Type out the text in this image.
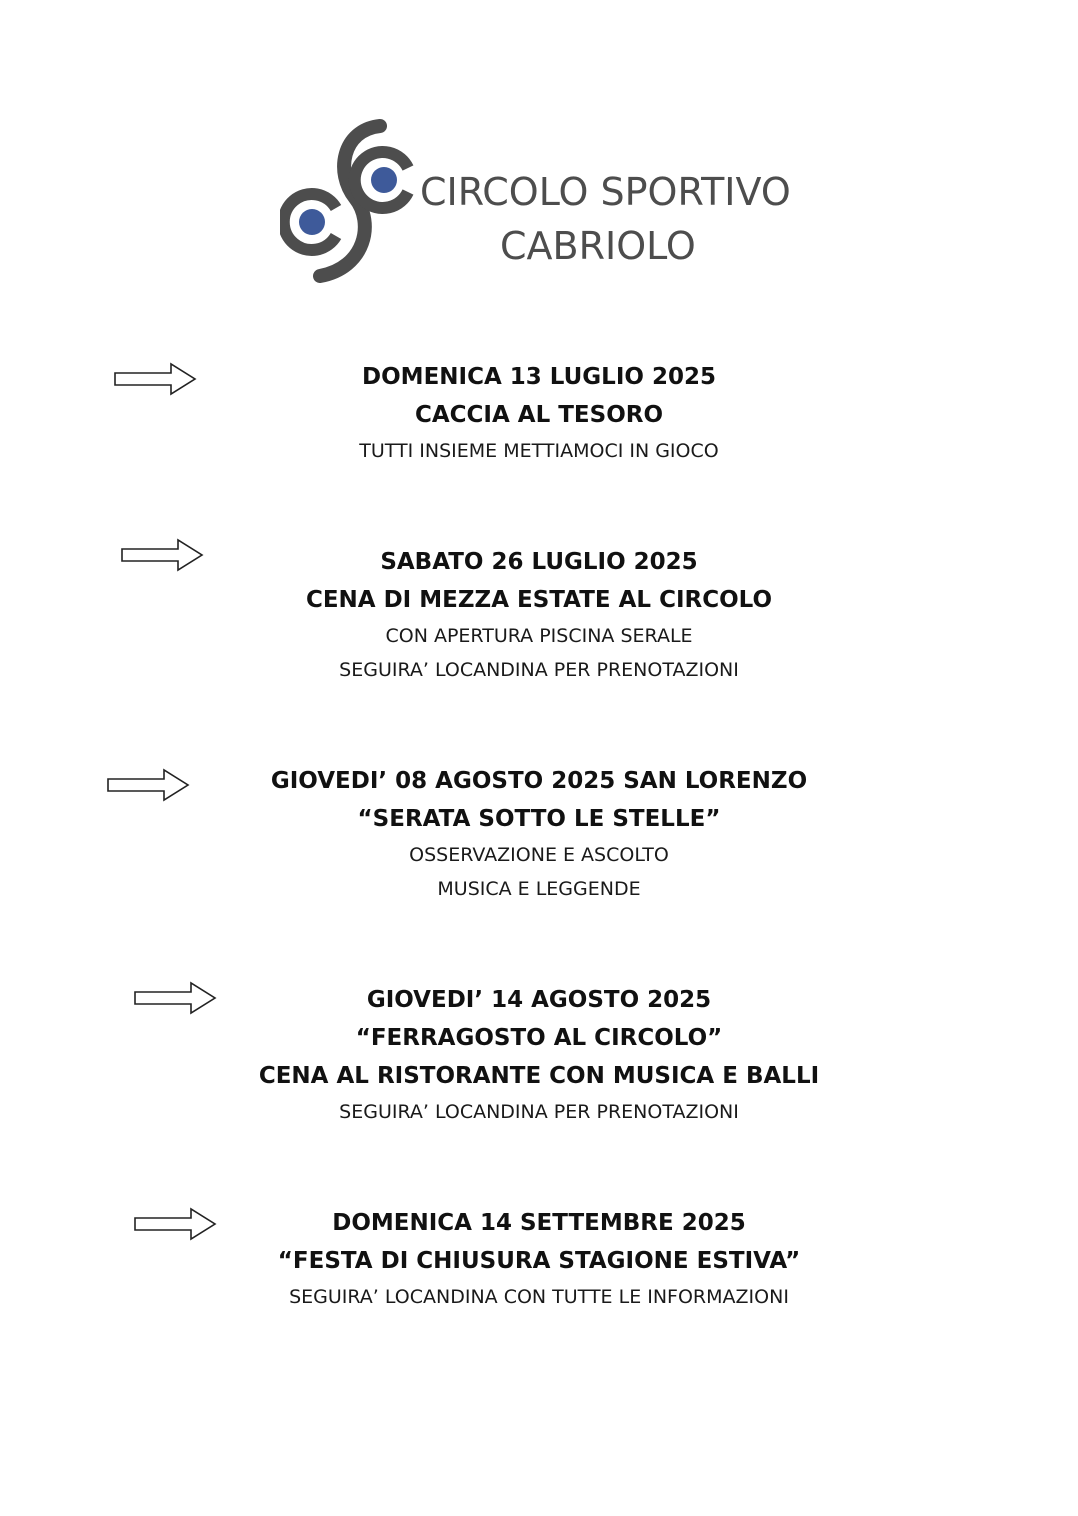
CIRCOLO SPORTIVO
CABRIOLO
DOMENICA 13 LUGLIO 2025
CACCIA AL TESORO
TUTTI INSIEME METTIAMOCI IN GIOCO
SABATO 26 LUGLIO 2025
CENA DI MEZZA ESTATE AL CIRCOLO
CON APERTURA PISCINA SERALE
SEGUIRA’ LOCANDINA PER PRENOTAZIONI
GIOVEDI’ 08 AGOSTO 2025 SAN LORENZO
“SERATA SOTTO LE STELLE”
OSSERVAZIONE E ASCOLTO
MUSICA E LEGGENDE
GIOVEDI’ 14 AGOSTO 2025
“FERRAGOSTO AL CIRCOLO”
CENA AL RISTORANTE CON MUSICA E BALLI
SEGUIRA’ LOCANDINA PER PRENOTAZIONI
DOMENICA 14 SETTEMBRE 2025
“FESTA DI CHIUSURA STAGIONE ESTIVA”
SEGUIRA’ LOCANDINA CON TUTTE LE INFORMAZIONI
